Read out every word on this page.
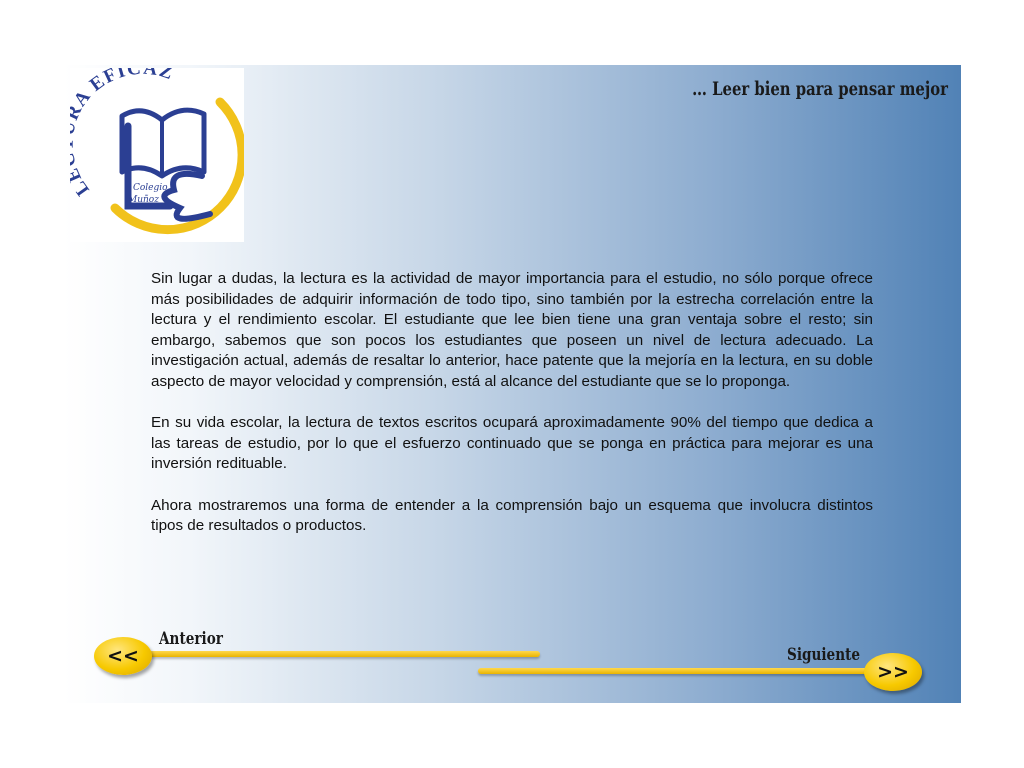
L A EFICAZ
Colegio
Muñoz
… Leer bien para pensar mejor

Sin lugar a dudas, la lectura es la actividad de mayor importancia para el estudio, no sólo porque ofrece más posibilidades de adquirir información de todo tipo, sino también por la estrecha correlación entre la lectura y el rendimiento escolar. El estudiante que lee bien tiene una gran ventaja sobre el resto; sin embargo, sabemos que son pocos los estudiantes que poseen un nivel de lectura adecuado. La investigación actual, además de resaltar lo anterior, hace patente que la mejoría en la lectura, en su doble aspecto de mayor velocidad y comprensión, está al alcance del estudiante que se lo proponga.

En su vida escolar, la lectura de textos escritos ocupará aproximadamente 90% del tiempo que dedica a las tareas de estudio, por lo que el esfuerzo continuado que se ponga en práctica para mejorar es una inversión redituable.

Ahora mostraremos una forma de entender a la comprensión bajo un esquema que involucra distintos tipos de resultados o productos.

Anterior
<<	Siguiente
>>
